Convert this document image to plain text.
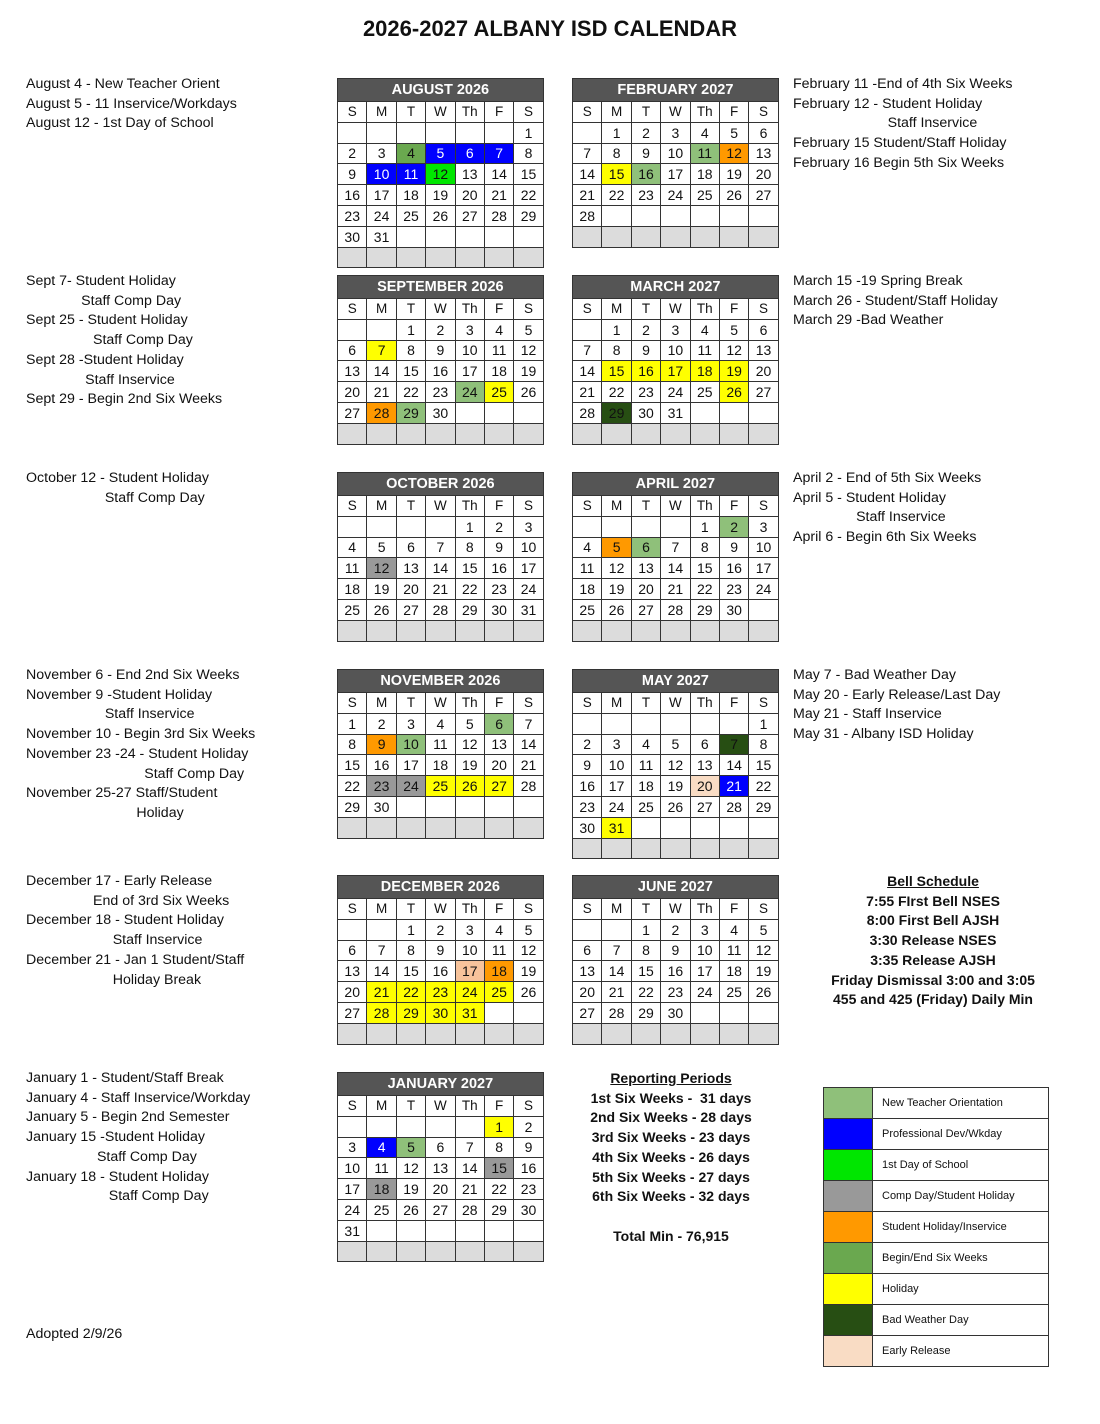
2026-2027 ALBANY ISD CALENDAR
August 4 - New Teacher Orient
August 5 - 11 Inservice/Workdays
August 12 - 1st Day of School
Sept 7- Student Holiday
Staff Comp Day
Sept 25 - Student Holiday
Staff Comp Day
Sept 28 -Student Holiday
Staff Inservice
Sept 29 - Begin 2nd Six Weeks
October 12 - Student Holiday
Staff Comp Day
November 6 - End 2nd Six Weeks
November 9 -Student Holiday
Staff Inservice
November 10 - Begin 3rd Six Weeks
November 23 -24 - Student Holiday
Staff Comp Day
November 25-27 Staff/Student
Holiday
December 17 - Early Release
End of 3rd Six Weeks
December 18 - Student Holiday
Staff Inservice
December 21 - Jan 1 Student/Staff
Holiday Break
January 1 - Student/Staff Break
January 4 - Staff Inservice/Workday
January 5 - Begin 2nd Semester
January 15 -Student Holiday
Staff Comp Day
January 18 - Student Holiday
Staff Comp Day
February 11 -End of 4th Six Weeks
February 12 - Student Holiday
Staff Inservice
February 15 Student/Staff Holiday
February 16 Begin 5th Six Weeks
March 15 -19 Spring Break
March 26 - Student/Staff Holiday
March 29 -Bad Weather
April 2 - End of 5th Six Weeks
April 5 - Student Holiday
Staff Inservice
April 6 - Begin 6th Six Weeks
May 7 - Bad Weather Day
May 20 - Early Release/Last Day
May 21 - Staff Inservice
May 31 - Albany ISD Holiday
AUGUST 2026						
S	M	T	W	Th	F	S
						1
2	3	4	5	6	7	8
9	10	11	12	13	14	15
16	17	18	19	20	21	22
23	24	25	26	27	28	29
30	31					

FEBRUARY 2027						
S	M	T	W	Th	F	S
	1	2	3	4	5	6
7	8	9	10	11	12	13
14	15	16	17	18	19	20
21	22	23	24	25	26	27
28						

SEPTEMBER 2026						
S	M	T	W	Th	F	S
		1	2	3	4	5
6	7	8	9	10	11	12
13	14	15	16	17	18	19
20	21	22	23	24	25	26
27	28	29	30			

MARCH 2027						
S	M	T	W	Th	F	S
	1	2	3	4	5	6
7	8	9	10	11	12	13
14	15	16	17	18	19	20
21	22	23	24	25	26	27
28	29	30	31			

OCTOBER 2026						
S	M	T	W	Th	F	S
				1	2	3
4	5	6	7	8	9	10
11	12	13	14	15	16	17
18	19	20	21	22	23	24
25	26	27	28	29	30	31

APRIL 2027						
S	M	T	W	Th	F	S
				1	2	3
4	5	6	7	8	9	10
11	12	13	14	15	16	17
18	19	20	21	22	23	24
25	26	27	28	29	30	

NOVEMBER 2026						
S	M	T	W	Th	F	S
1	2	3	4	5	6	7
8	9	10	11	12	13	14
15	16	17	18	19	20	21
22	23	24	25	26	27	28
29	30					

MAY 2027						
S	M	T	W	Th	F	S
						1
2	3	4	5	6	7	8
9	10	11	12	13	14	15
16	17	18	19	20	21	22
23	24	25	26	27	28	29
30	31					

DECEMBER 2026						
S	M	T	W	Th	F	S
		1	2	3	4	5
6	7	8	9	10	11	12
13	14	15	16	17	18	19
20	21	22	23	24	25	26
27	28	29	30	31		

JUNE 2027						
S	M	T	W	Th	F	S
		1	2	3	4	5
6	7	8	9	10	11	12
13	14	15	16	17	18	19
20	21	22	23	24	25	26
27	28	29	30			

JANUARY 2027						
S	M	T	W	Th	F	S
					1	2
3	4	5	6	7	8	9
10	11	12	13	14	15	16
17	18	19	20	21	22	23
24	25	26	27	28	29	30
31						

Bell Schedule
7:55 FIrst Bell NSES
8:00 First Bell AJSH
3:30 Release NSES
3:35 Release AJSH
Friday Dismissal 3:00 and 3:05
455 and 425 (Friday) Daily Min
Reporting Periods
1st Six Weeks -  31 days
2nd Six Weeks - 28 days
3rd Six Weeks - 23 days
4th Six Weeks - 26 days
5th Six Weeks - 27 days
6th Six Weeks - 32 days
Total Min - 76,915
	New Teacher Orientation
	Professional Dev/Wkday
	1st Day of School
	Comp Day/Student Holiday
	Student Holiday/Inservice
	Begin/End Six Weeks
	Holiday
	Bad Weather Day
	Early Release
Adopted 2/9/26
